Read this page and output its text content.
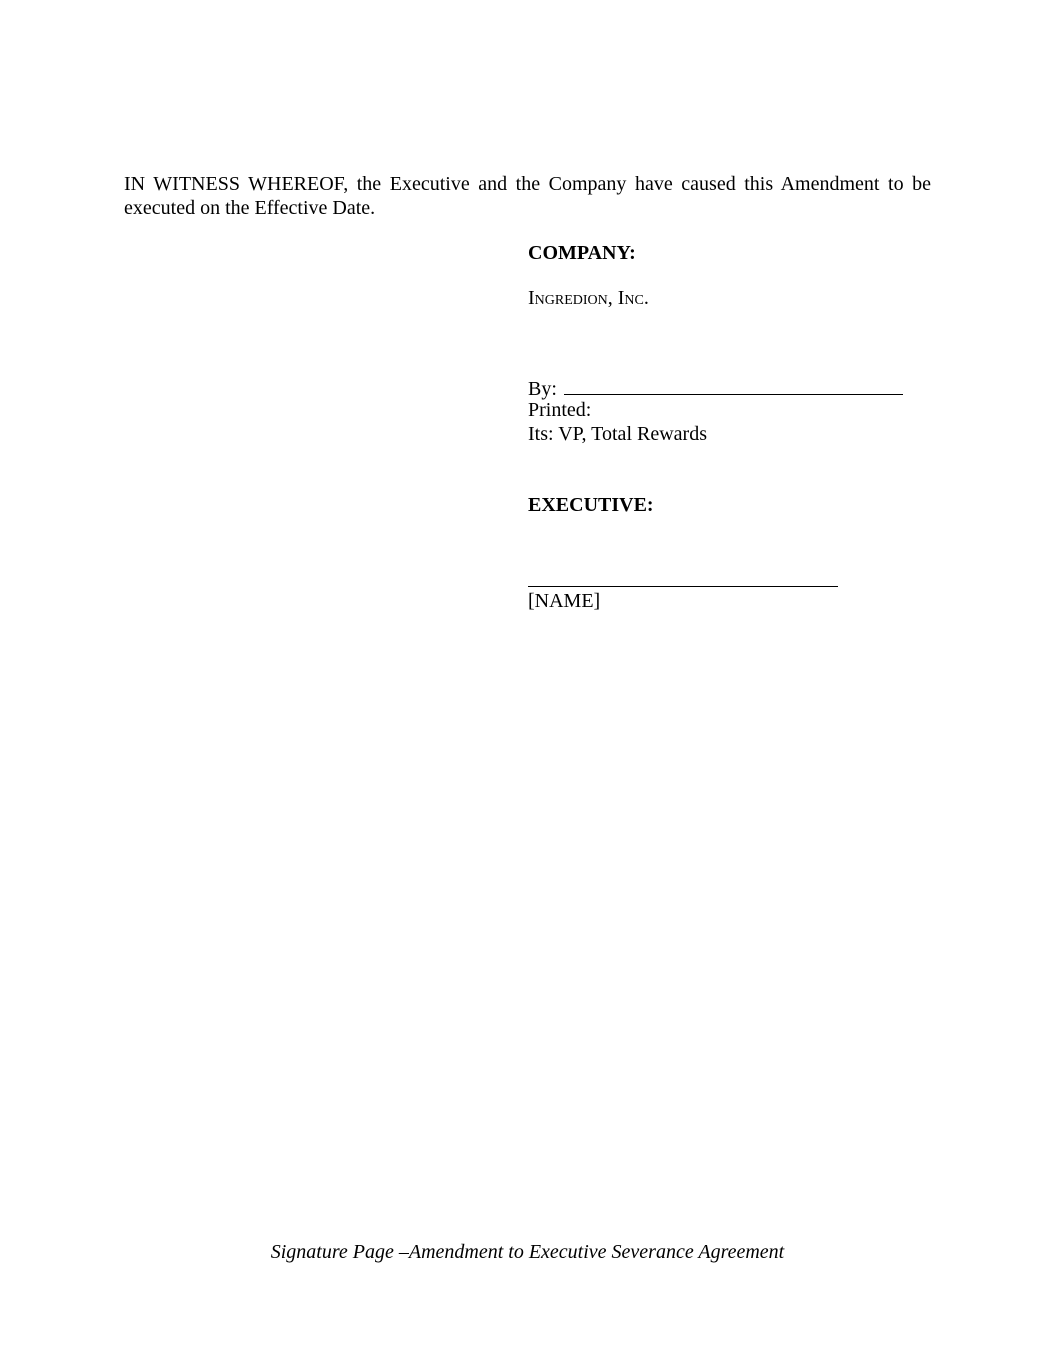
IN WITNESS WHEREOF, the Executive and the Company have caused this Amendment to be executed on the Effective Date.
COMPANY:
Ingredion, Inc.
By:
Printed:
Its: VP, Total Rewards
EXECUTIVE:
[NAME]
Signature Page –Amendment to Executive Severance Agreement
